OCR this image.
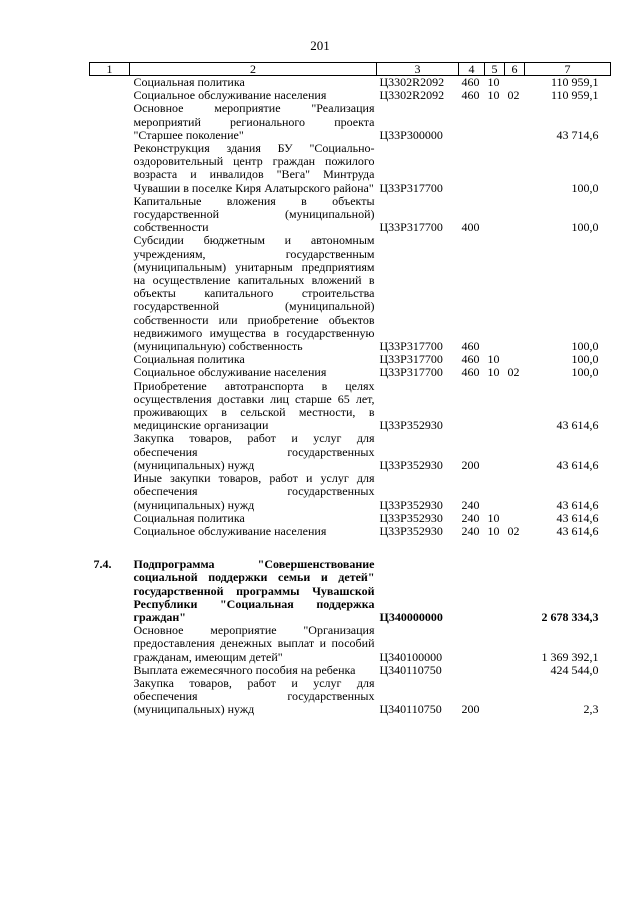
201
1	2	3	4	5	6	7
	Социальная политика	Ц3302R2092	460	10		110 959,1
	Социальное обслуживание населения	Ц3302R2092	460	10	02	110 959,1
	Основное мероприятие "Реализация мероприятий регионального проекта "Старшее поколение"	Ц33Р300000				43 714,6
	Реконструкция здания БУ "Социально-оздоровительный центр граждан пожилого возраста и инвалидов "Вега" Минтруда Чувашии в поселке Киря Алатырского района"	Ц33Р317700				100,0
	Капитальные вложения в объекты государственной (муниципальной) собственности	Ц33Р317700	400			100,0
	Субсидии бюджетным и автономным учреждениям, государственным (муниципальным) унитарным предприятиям на осуществление капитальных вложений в объекты капитального строительства государственной (муниципальной) собственности или приобретение объектов недвижимого имущества в государственную (муниципальную) собственность	Ц33Р317700	460			100,0
	Социальная политика	Ц33Р317700	460	10		100,0
	Социальное обслуживание населения	Ц33Р317700	460	10	02	100,0
	Приобретение автотранспорта в целях осуществления доставки лиц старше 65 лет, проживающих в сельской местности, в медицинские организации	Ц33Р352930				43 614,6
	Закупка товаров, работ и услуг для обеспечения государственных (муниципальных) нужд	Ц33Р352930	200			43 614,6
	Иные закупки товаров, работ и услуг для обеспечения государственных (муниципальных) нужд	Ц33Р352930	240			43 614,6
	Социальная политика	Ц33Р352930	240	10		43 614,6
	Социальное обслуживание населения	Ц33Р352930	240	10	02	43 614,6

7.4.	Подпрограмма "Совершенствование социальной поддержки семьи и детей" государственной программы Чувашской Республики "Социальная поддержка граждан"	Ц340000000				2 678 334,3
	Основное мероприятие "Организация предоставления денежных выплат и пособий гражданам, имеющим детей"	Ц340100000				1 369 392,1
	Выплата ежемесячного пособия на ребенка	Ц340110750				424 544,0
	Закупка товаров, работ и услуг для обеспечения государственных (муниципальных) нужд	Ц340110750	200			2,3
